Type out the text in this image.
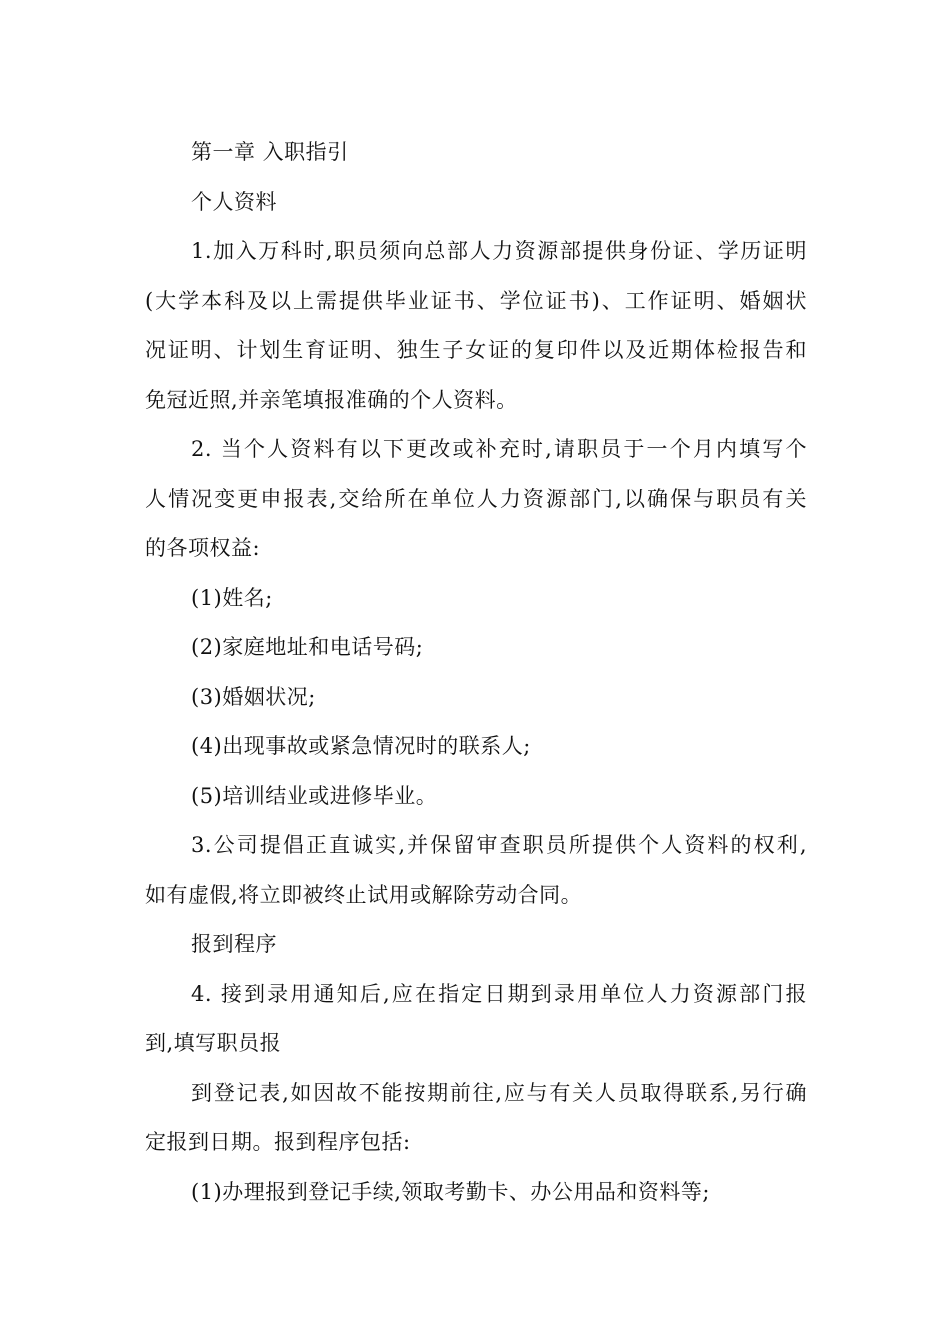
第一章 入职指引
个人资料
1.加入万科时,职员须向总部人力资源部提供身份证、学历证明
(大学本科及以上需提供毕业证书、学位证书)、工作证明、婚姻状
况证明、计划生育证明、独生子女证的复印件以及近期体检报告和
免冠近照,并亲笔填报准确的个人资料。
2. 当个人资料有以下更改或补充时,请职员于一个月内填写个
人情况变更申报表,交给所在单位人力资源部门,以确保与职员有关
的各项权益:
(1)姓名;
(2)家庭地址和电话号码;
(3)婚姻状况;
(4)出现事故或紧急情况时的联系人;
(5)培训结业或进修毕业。
3.公司提倡正直诚实,并保留审查职员所提供个人资料的权利,
如有虚假,将立即被终止试用或解除劳动合同。
报到程序
4. 接到录用通知后,应在指定日期到录用单位人力资源部门报
到,填写职员报
到登记表,如因故不能按期前往,应与有关人员取得联系,另行确
定报到日期。报到程序包括:
(1)办理报到登记手续,领取考勤卡、办公用品和资料等;
